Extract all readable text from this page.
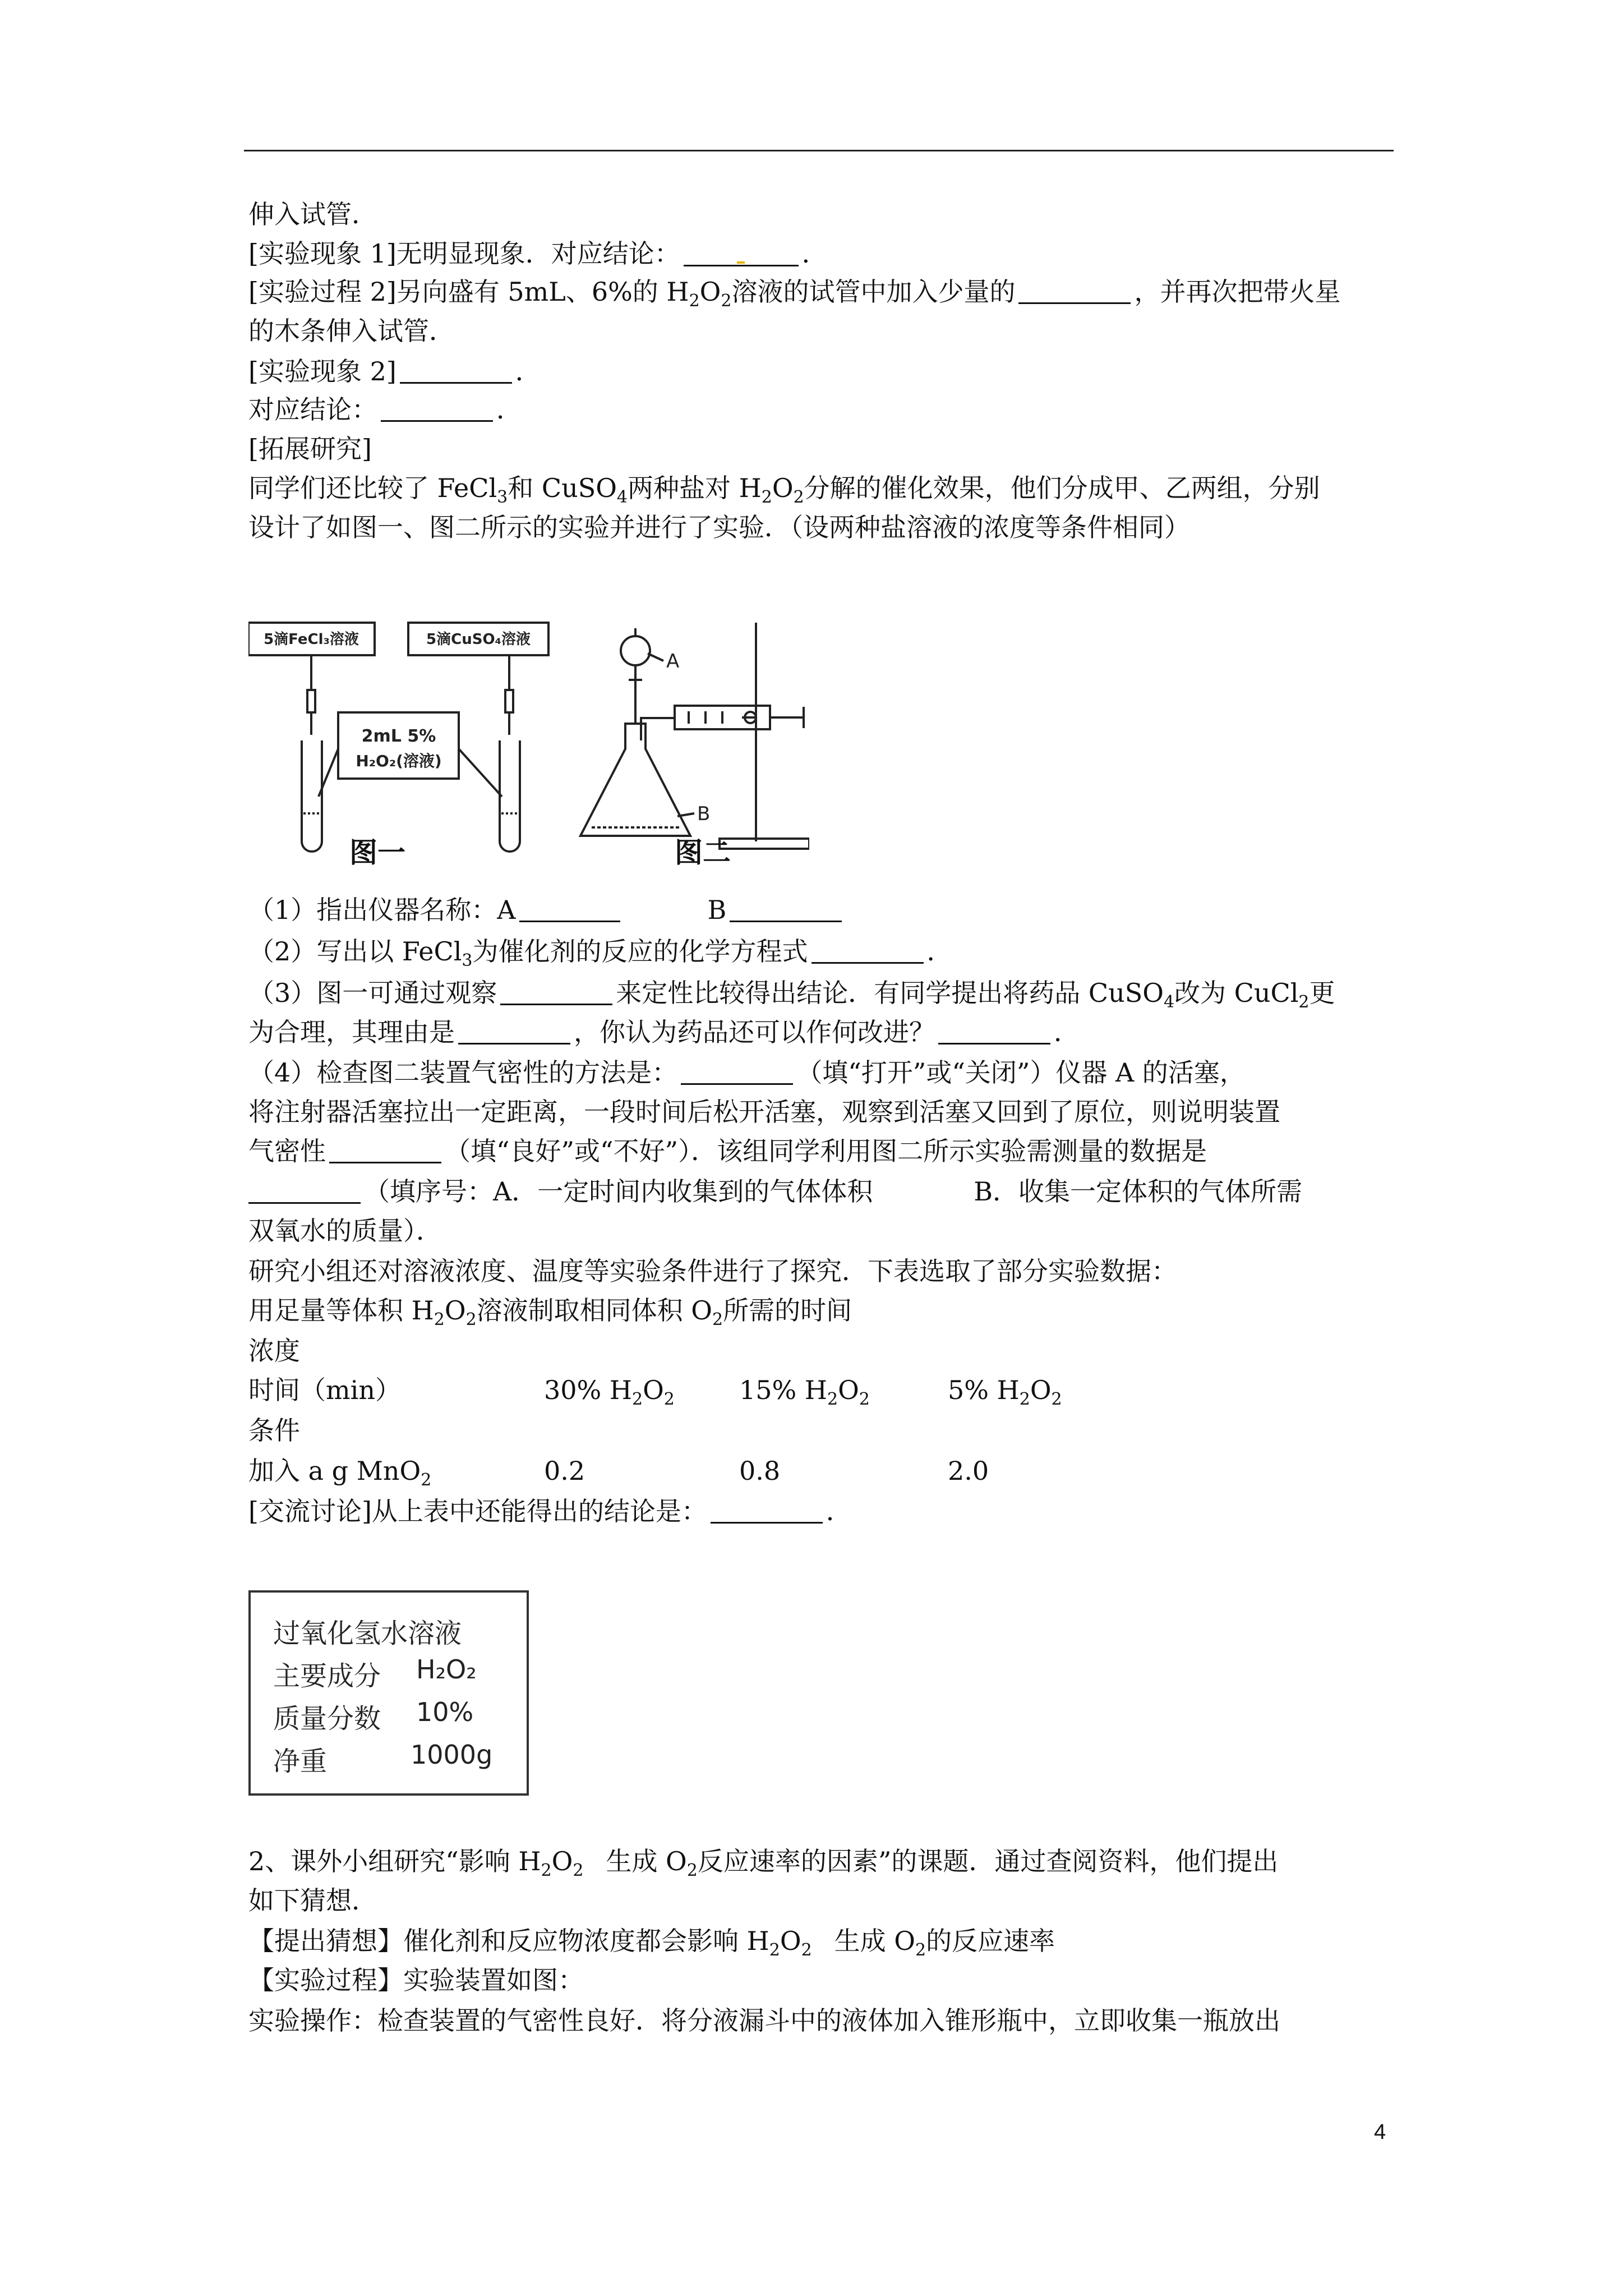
伸入试管．
[实验现象 1]无明显现象．对应结论：	．
[实验过程 2]另向盛有 5mL、6%的 $H_2O_2$溶液的试管中加入少量的	，并再次把带火星
的木条伸入试管．
[实验现象 2]	．
对应结论：	．
[拓展研究]
同学们还比较了 FeCl$_3$和 CuSO$_4$两种盐对 $H_2O_2$分解的催化效果，他们分成甲、乙两组，分别
设计了如图一、图二所示的实验并进行了实验．（设两种盐溶液的浓度等条件相同）
5滴FeCl₃溶液	5滴CuSO₄溶液
2mL 5%
H₂O₂(溶液)
A
B
图一	图二
（1）指出仪器名称：A	B
（2）写出以 FeCl$_3$为催化剂的反应的化学方程式	．
（3）图一可通过观察	来定性比较得出结论．有同学提出将药品 CuSO$_4$改为 CuCl$_2$更
为合理，其理由是	，你认为药品还可以作何改进？	．
（4）检查图二装置气密性的方法是：	（填“打开”或“关闭”）仪器 A 的活塞，
将注射器活塞拉出一定距离，一段时间后松开活塞，观察到活塞又回到了原位，则说明装置
气密性	（填“良好”或“不好”）．该组同学利用图二所示实验需测量的数据是
（填序号：A．一定时间内收集到的气体体积	B．收集一定体积的气体所需
双氧水的质量）．
研究小组还对溶液浓度、温度等实验条件进行了探究．下表选取了部分实验数据：
用足量等体积 $H_2O_2$溶液制取相同体积 $O_2$所需的时间
浓度
时间（min）	30% $H_2O_2$	15% $H_2O_2$	5% $H_2O_2$
条件
加入 a g MnO$_2$	0.2	0.8	2.0
[交流讨论]从上表中还能得出的结论是：	．
过氧化氢水溶液
主要成分 H₂O₂
质量分数 10%
净重	1000g
2、课外小组研究“影响 $H_2O_2$ 生成 $O_2$反应速率的因素”的课题．通过查阅资料，他们提出
如下猜想．
【提出猜想】催化剂和反应物浓度都会影响 $H_2O_2$ 生成 $O_2$的反应速率
【实验过程】实验装置如图：
实验操作：检查装置的气密性良好．将分液漏斗中的液体加入锥形瓶中，立即收集一瓶放出
4
